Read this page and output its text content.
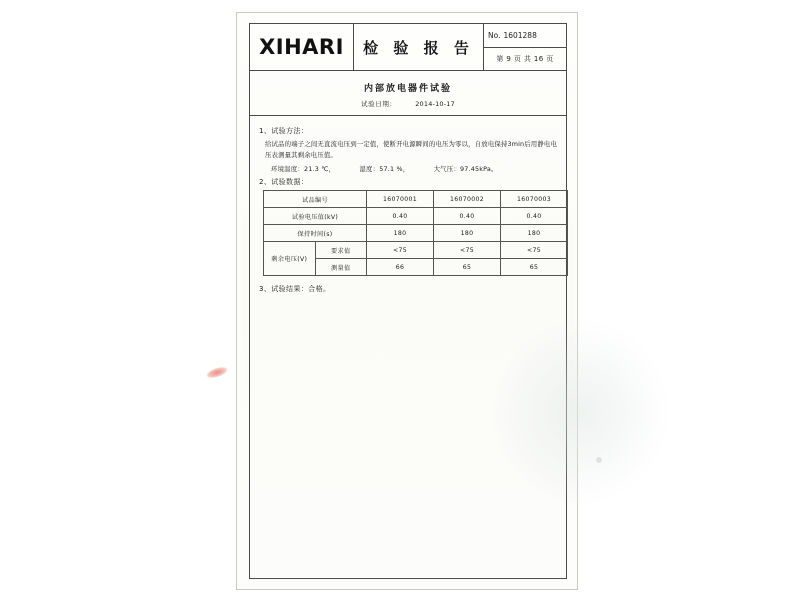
XIHARI 检 验 报 告
No. 1601288
第 9 页 共 16 页
内部放电器件试验
试验日期：	2014-10-17
1、试验方法：

给试品的端子之间无直流电压到一定值，使断开电源瞬间的电压为零以，自放电保持3min后用静电电压表测量其剩余电压值。

环境温度：21.3 ℃，	湿度：57.1 %，	大气压：97.45kPa。
2、试验数据：
试品编号		16070001	16070002	16070003
试验电压值(kV)		0.40	0.40	0.40
保持时间(s)		180	180	180
剩余电压(V)	要求值	<75	<75	<75
	测量值	66	65	65
3、试验结果：合格。
